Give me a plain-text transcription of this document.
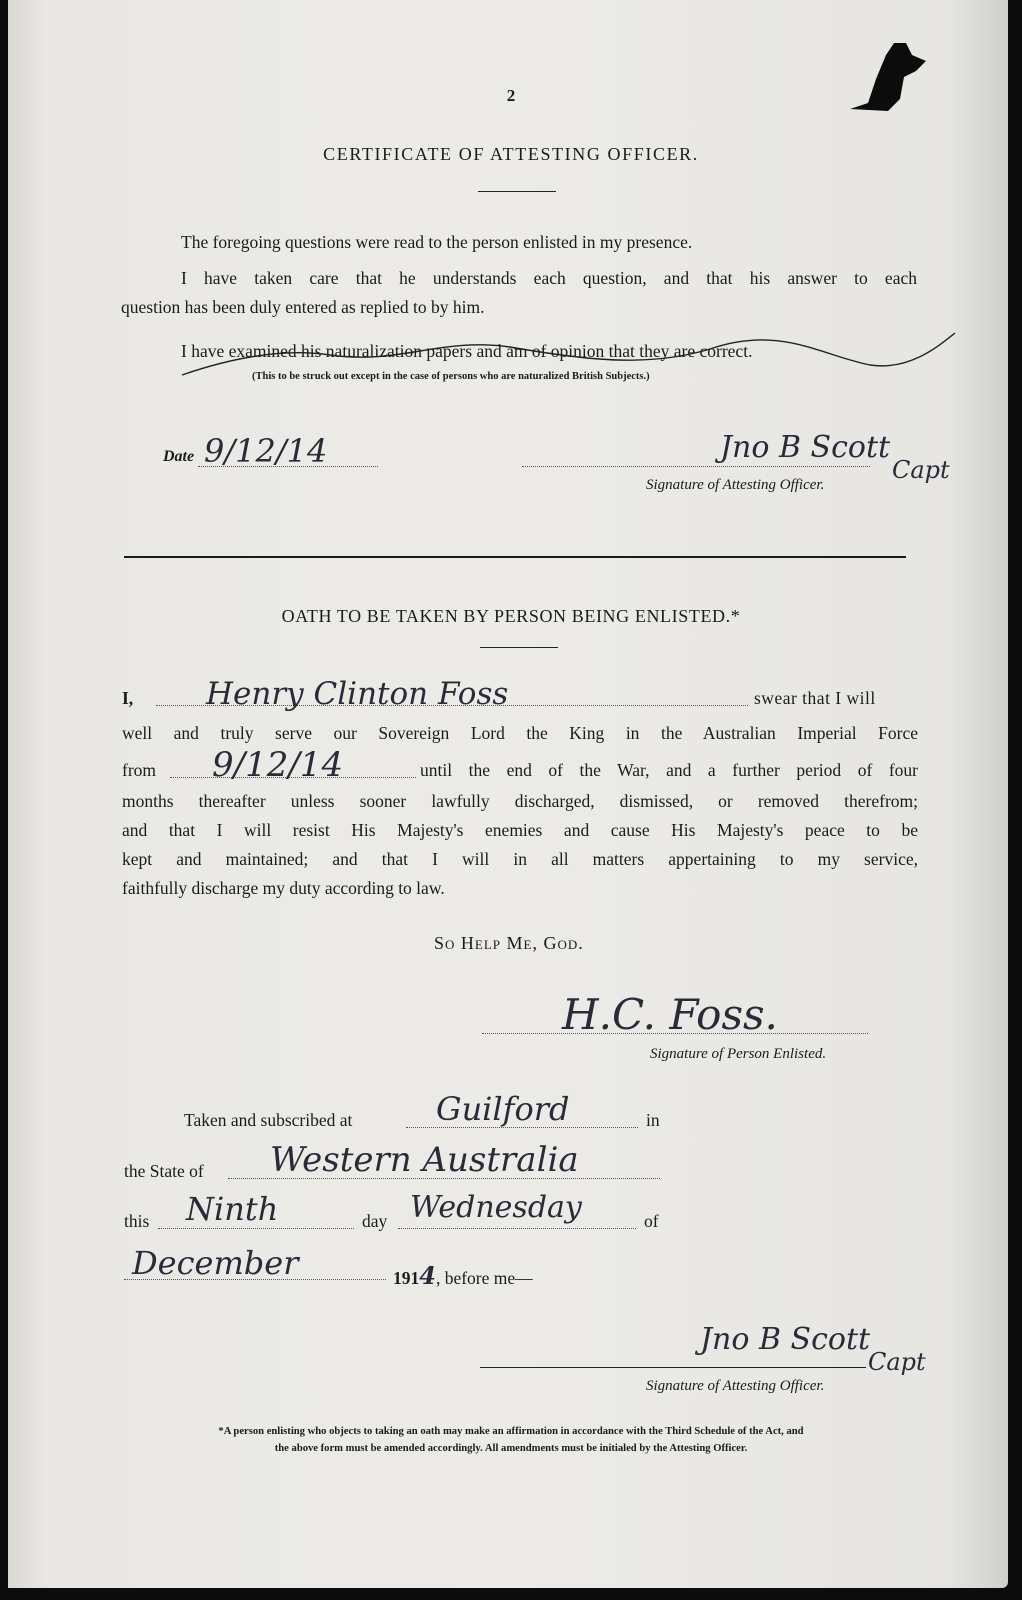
2
CERTIFICATE OF ATTESTING OFFICER.
The foregoing questions were read to the person enlisted in my presence.
I have taken care that he understands each question, and that his answer to each
question has been duly entered as replied to by him.
I have examined his naturalization papers and am of opinion that they are correct.
(This to be struck out except in the case of persons who are naturalized British Subjects.)
Date 9/12/14	Jno B Scott
Capt
Signature of Attesting Officer.
OATH TO BE TAKEN BY PERSON BEING ENLISTED.*
I, Henry Clinton Foss	swear that I will
well and truly serve our Sovereign Lord the King in the Australian Imperial Force
from 9/12/14	until the end of the War, and a further period of four
months thereafter unless sooner lawfully discharged, dismissed, or removed therefrom;
and that I will resist His Majesty's enemies and cause His Majesty's peace to be
kept and maintained; and that I will in all matters appertaining to my service,
faithfully discharge my duty according to law.
So Help Me, God.
H.C. Foss.
Signature of Person Enlisted.
Taken and subscribed at	Guilford	in
the State of Western Australia
this Ninth	day Wednesday	of
December	1914, before me—
Jno B Scott
Capt
Signature of Attesting Officer.
*A person enlisting who objects to taking an oath may make an affirmation in accordance with the Third Schedule of the Act, and
the above form must be amended accordingly. All amendments must be initialed by the Attesting Officer.
